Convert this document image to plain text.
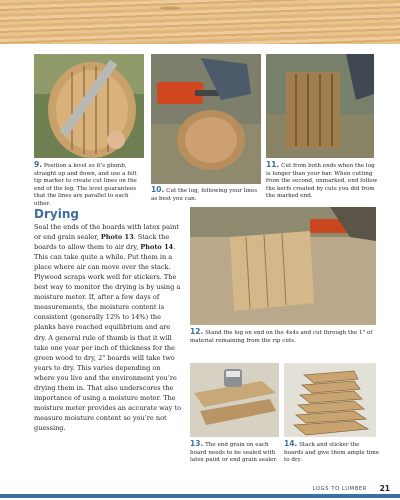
9. Position a level so it’s plumb, straight up and down, and use a felt tip marker to create cut lines on the end of the log. The level guarantees that the lines are parallel to each other.
10. Cut the log, following your lines as best you can.
11. Cut from both ends when the log is longer than your bar. When cutting from the second, unmarked, end follow the kerfs created by cuts you did from the marked end.
Drying
Seal the ends of the boards with latex paint or end grain sealer, Photo 13. Stack the boards to allow them to air dry, Photo 14. This can take quite a while. Put them in a place where air can move over the stack. Plywood scraps work well for stickers. The best way to monitor the drying is by using a moisture meter. If, after a few days of measurements, the moisture content is consistent (generally 12% to 14%) the planks have reached equilibrium and are dry. A general rule of thumb is that it will take one year per inch of thickness for the green wood to dry, 2" boards will take two years to dry. This varies depending on where you live and the environment you’re drying them in. That also underscores the importance of using a moisture meter. The moisture meter provides an accurate way to measure moisture content so you’re not guessing.
12. Stand the log on end on the 4x4s and cut through the 1" of material remaining from the rip cuts.
13. The end grain on each board needs to be sealed with latex paint or end grain sealer.
14. Stack and sticker the boards and give them ample time to dry.
LOGS TO LUMBER 21
